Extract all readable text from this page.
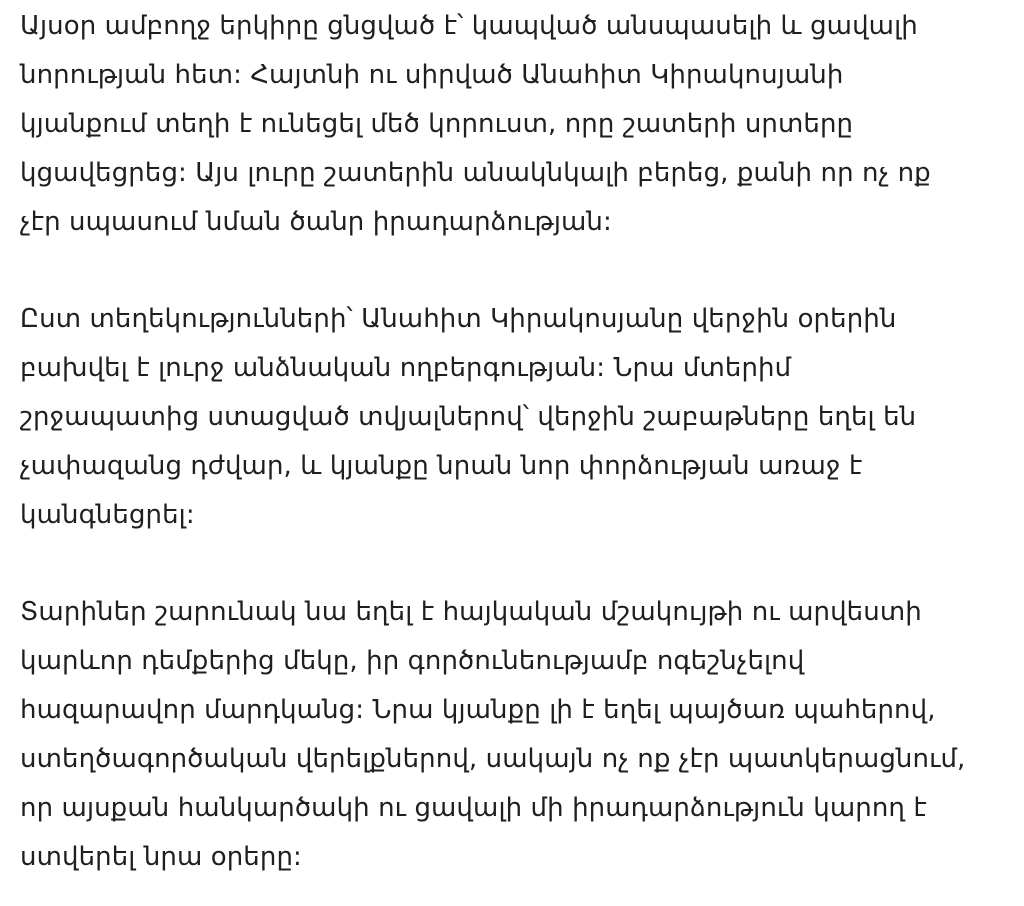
Այսօր ամբողջ երկիրը ցնցված է՝ կապված անսպասելի և ցավալի
նորության հետ: Հայտնի ու սիրված Անահիտ Կիրակոսյանի
կյանքում տեղի է ունեցել մեծ կորուստ, որը շատերի սրտերը
կցավեցրեց: Այս լուրը շատերին անակնկալի բերեց, քանի որ ոչ ոք
չէր սպասում նման ծանր իրադարձության:

Ըստ տեղեկությունների՝ Անահիտ Կիրակոսյանը վերջին օրերին
բախվել է լուրջ անձնական ողբերգության: Նրա մտերիմ
շրջապատից ստացված տվյալներով՝ վերջին շաբաթները եղել են
չափազանց դժվար, և կյանքը նրան նոր փորձության առաջ է
կանգնեցրել:

Տարիներ շարունակ նա եղել է հայկական մշակույթի ու արվեստի
կարևոր դեմքերից մեկը, իր գործունեությամբ ոգեշնչելով
հազարավոր մարդկանց: Նրա կյանքը լի է եղել պայծառ պահերով,
ստեղծագործական վերելքներով, սակայն ոչ ոք չէր պատկերացնում,
որ այսքան հանկարծակի ու ցավալի մի իրադարձություն կարող է
ստվերել նրա օրերը:
